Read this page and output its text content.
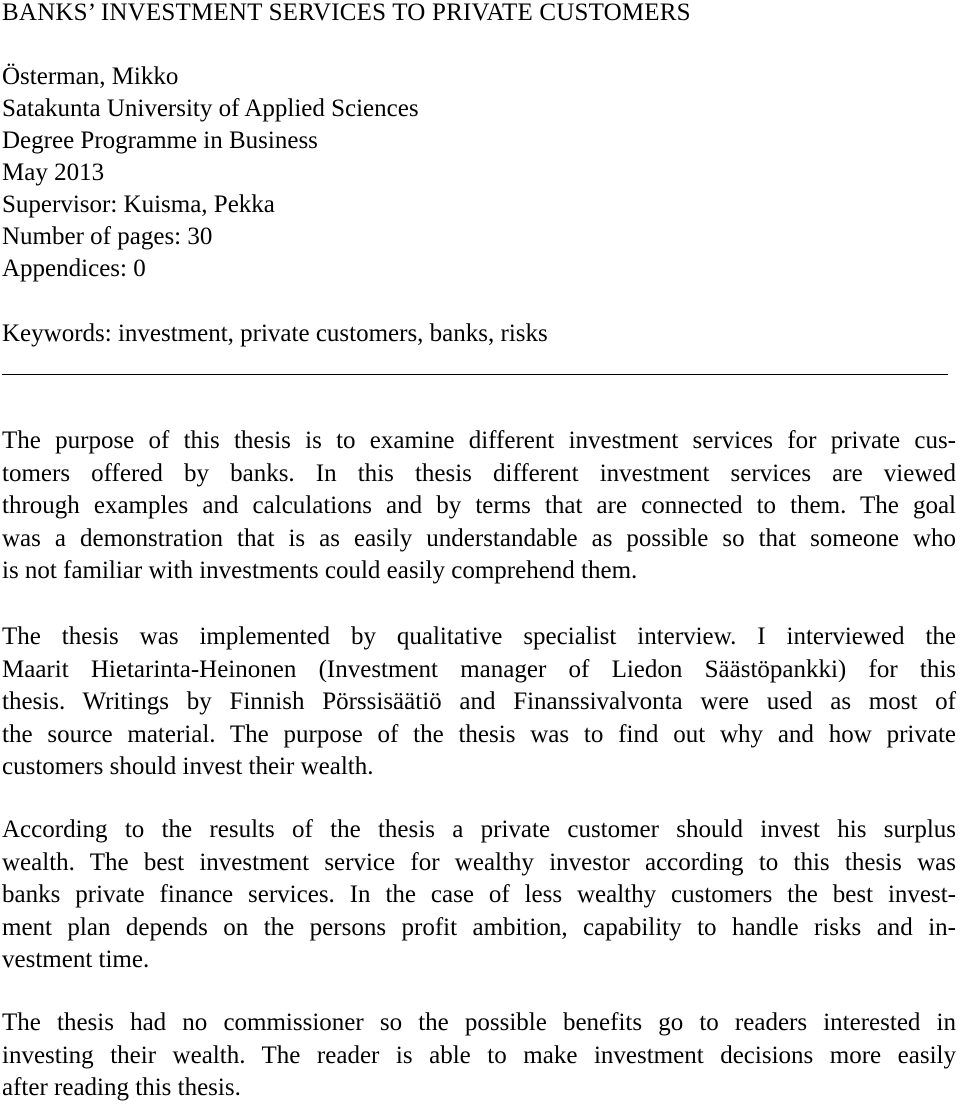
BANKS’ INVESTMENT SERVICES TO PRIVATE CUSTOMERS
Österman, Mikko
Satakunta University of Applied Sciences
Degree Programme in Business
May 2013
Supervisor: Kuisma, Pekka
Number of pages: 30
Appendices: 0
Keywords: investment, private customers, banks, risks
The purpose of this thesis is to examine different investment services for private cus-
tomers offered by banks. In this thesis different investment services are viewed
through examples and calculations and by terms that are connected to them. The goal
was a demonstration that is as easily understandable as possible so that someone who
is not familiar with investments could easily comprehend them.
The thesis was implemented by qualitative specialist interview. I interviewed the
Maarit Hietarinta-Heinonen (Investment manager of Liedon Säästöpankki) for this
thesis. Writings by Finnish Pörssisäätiö and Finanssivalvonta were used as most of
the source material. The purpose of the thesis was to find out why and how private
customers should invest their wealth.
According to the results of the thesis a private customer should invest his surplus
wealth. The best investment service for wealthy investor according to this thesis was
banks private finance services. In the case of less wealthy customers the best invest-
ment plan depends on the persons profit ambition, capability to handle risks and in-
vestment time.
The thesis had no commissioner so the possible benefits go to readers interested in
investing their wealth. The reader is able to make investment decisions more easily
after reading this thesis.
